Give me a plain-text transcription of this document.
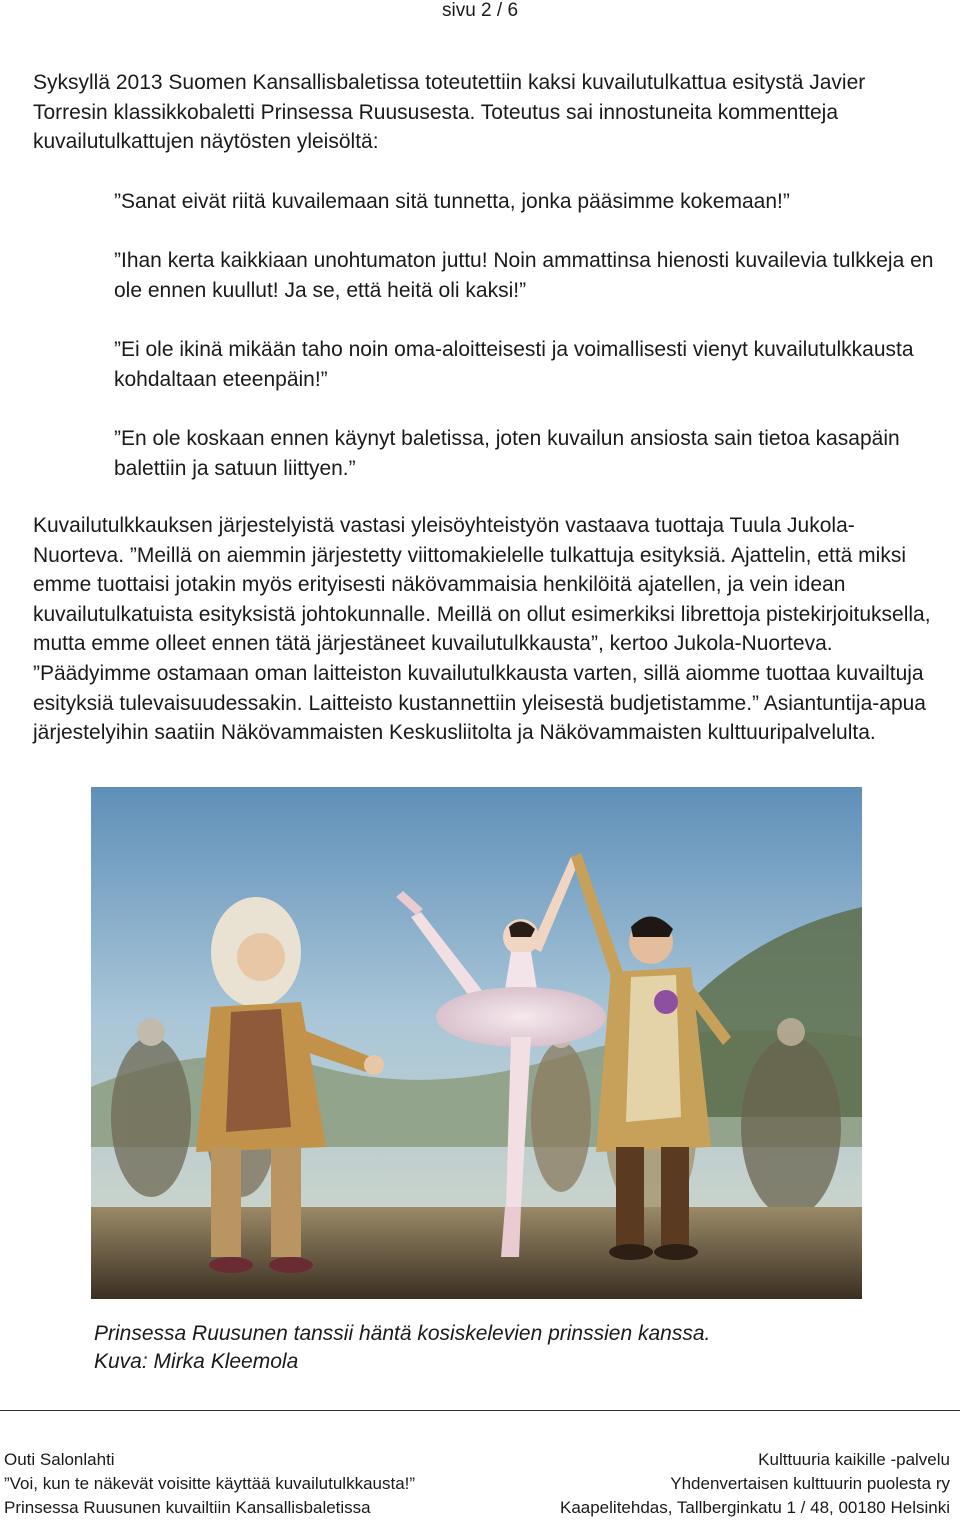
sivu 2 / 6

Syksyllä 2013 Suomen Kansallisbaletissa toteutettiin kaksi kuvailutulkattua esitystä Javier Torresin klassikkobaletti Prinsessa Ruususesta. Toteutus sai innostuneita kommentteja kuvailutulkattujen näytösten yleisöltä:

”Sanat eivät riitä kuvailemaan sitä tunnetta, jonka pääsimme kokemaan!”

”Ihan kerta kaikkiaan unohtumaton juttu! Noin ammattinsa hienosti kuvailevia tulkkeja en ole ennen kuullut! Ja se, että heitä oli kaksi!”

”Ei ole ikinä mikään taho noin oma-aloitteisesti ja voimallisesti vienyt kuvailutulkkausta kohdaltaan eteenpäin!”

”En ole koskaan ennen käynyt baletissa, joten kuvailun ansiosta sain tietoa kasapäin balettiin ja satuun liittyen.”

Kuvailutulkkauksen järjestelyistä vastasi yleisöyhteistyön vastaava tuottaja Tuula Jukola-Nuorteva. ”Meillä on aiemmin järjestetty viittomakielelle tulkattuja esityksiä. Ajattelin, että miksi emme tuottaisi jotakin myös erityisesti näkövammaisia henkilöitä ajatellen, ja vein idean kuvailutulkatuista esityksistä johtokunnalle. Meillä on ollut esimerkiksi librettoja pistekirjoituksella, mutta emme olleet ennen tätä järjestäneet kuvailutulkkausta”, kertoo Jukola-Nuorteva. ”Päädyimme ostamaan oman laitteiston kuvailutulkkausta varten, sillä aiomme tuottaa kuvailtuja esityksiä tulevaisuudessakin. Laitteisto kustannettiin yleisestä budjetistamme.” Asiantuntija-apua järjestelyihin saatiin Näkövammaisten Keskusliitolta ja Näkövammaisten kulttuuripalvelulta.

Prinsessa Ruusunen tanssii häntä kosiskelevien prinssien kanssa.
Kuva: Mirka Kleemola
Outi Salonlahti
”Voi, kun te näkevät voisitte käyttää kuvailutulkkausta!”
Prinsessa Ruusunen kuvailtiin Kansallisbaletissa
Kulttuuria kaikille -palvelu
Yhdenvertaisen kulttuurin puolesta ry
Kaapelitehdas, Tallberginkatu 1 / 48, 00180 Helsinki
